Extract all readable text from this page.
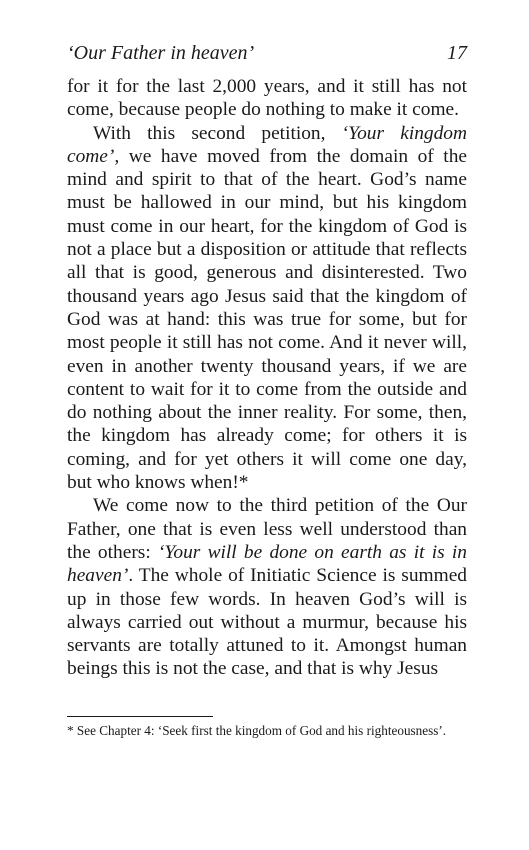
‘Our Father in heaven’	17

for it for the last 2,000 years, and it still has not come, because people do nothing to make it come.

With this second petition, ‘Your kingdom come’, we have moved from the domain of the mind and spirit to that of the heart. God’s name must be hallowed in our mind, but his kingdom must come in our heart, for the kingdom of God is not a place but a disposition or attitude that reflects all that is good, generous and disinterested. Two thousand years ago Jesus said that the kingdom of God was at hand: this was true for some, but for most people it still has not come. And it never will, even in another twenty thousand years, if we are content to wait for it to come from the outside and do nothing about the inner reality. For some, then, the kingdom has already come; for others it is coming, and for yet others it will come one day, but who knows when!*

We come now to the third petition of the Our Father, one that is even less well understood than the others: ‘Your will be done on earth as it is in heaven’. The whole of Initiatic Science is summed up in those few words. In heaven God’s will is always carried out without a murmur, because his servants are totally attuned to it. Amongst human beings this is not the case, and that is why Jesus

* See Chapter 4: ‘Seek first the kingdom of God and his righteousness’.
